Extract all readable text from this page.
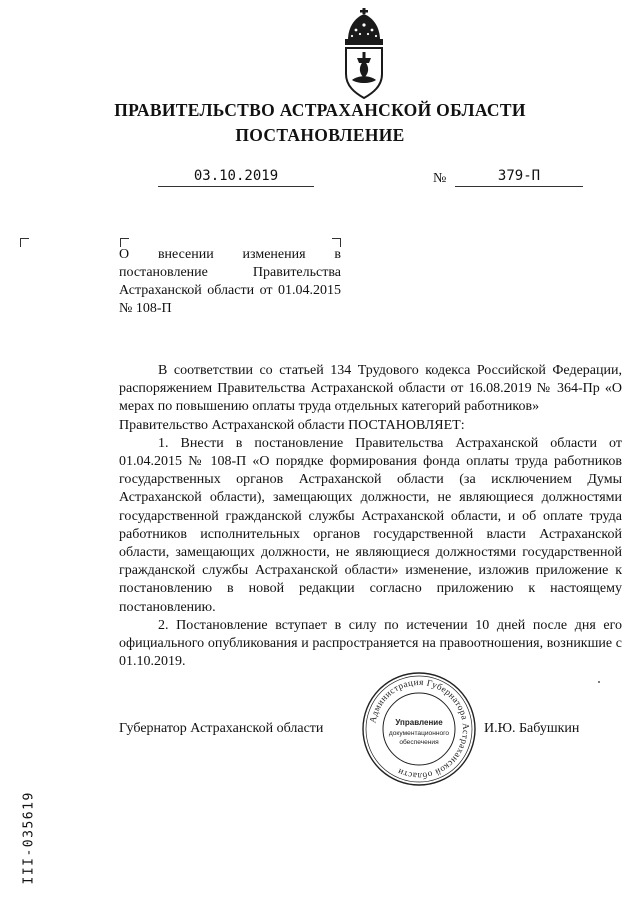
ПРАВИТЕЛЬСТВО АСТРАХАНСКОЙ ОБЛАСТИ
ПОСТАНОВЛЕНИЕ
03.10.2019	№	379-П
О внесении изменения в постановление Правительства Астраханской области от 01.04.2015 № 108-П

В соответствии со статьей 134 Трудового кодекса Российской Федерации, распоряжением Правительства Астраханской области от 16.08.2019 № 364-Пр «О мерах по повышению оплаты труда отдельных категорий работников»

Правительство Астраханской области ПОСТАНОВЛЯЕТ:

1. Внести в постановление Правительства Астраханской области от 01.04.2015 № 108-П «О порядке формирования фонда оплаты труда работников государственных органов Астраханской области (за исключением Думы Астраханской области), замещающих должности, не являющиеся должностями государственной гражданской службы Астраханской области, и об оплате труда работников исполнительных органов государственной власти Астраханской области, замещающих должности, не являющиеся должностями государственной гражданской службы Астраханской области» изменение, изложив приложение к постановлению в новой редакции согласно приложению к настоящему постановлению.

2. Постановление вступает в силу по истечении 10 дней после дня его официального опубликования и распространяется на правоотношения, возникшие с 01.10.2019.

Губернатор Астраханской области	И.Ю. Бабушкин
Администрация Губернатора Астраханской области
Управление
документационного
обеспечения
III-035619
